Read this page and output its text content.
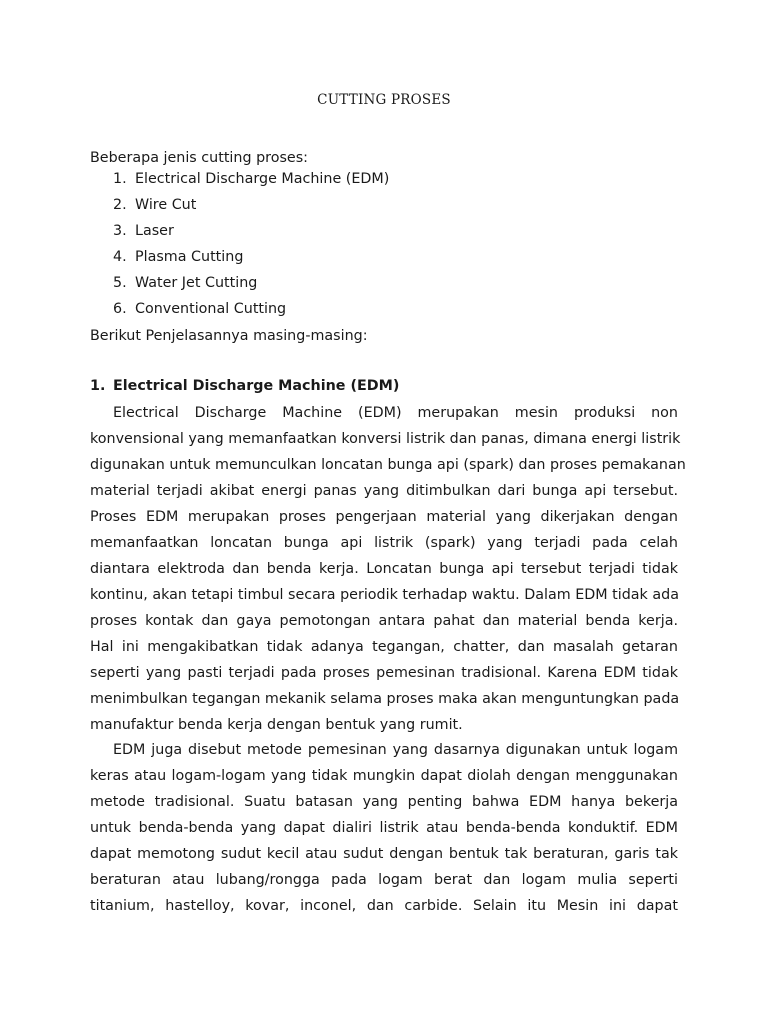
CUTTING PROSES
Beberapa jenis cutting proses:
1. Electrical Discharge Machine (EDM)
2. Wire Cut
3. Laser
4. Plasma Cutting
5. Water Jet Cutting
6. Conventional Cutting
Berikut Penjelasannya masing-masing:
1. Electrical Discharge Machine (EDM)
Electrical Discharge Machine (EDM) merupakan mesin produksi non
konvensional yang memanfaatkan konversi listrik dan panas, dimana energi listrik
digunakan untuk memunculkan loncatan bunga api (spark) dan proses pemakanan
material terjadi akibat energi panas yang ditimbulkan dari bunga api tersebut.
Proses EDM merupakan proses pengerjaan material yang dikerjakan dengan
memanfaatkan loncatan bunga api listrik (spark) yang terjadi pada celah
diantara elektroda dan benda kerja. Loncatan bunga api tersebut terjadi tidak
kontinu, akan tetapi timbul secara periodik terhadap waktu. Dalam EDM tidak ada
proses kontak dan gaya pemotongan antara pahat dan material benda kerja.
Hal ini mengakibatkan tidak adanya tegangan, chatter, dan masalah getaran
seperti yang pasti terjadi pada proses pemesinan tradisional. Karena EDM tidak
menimbulkan tegangan mekanik selama proses maka akan menguntungkan pada
manufaktur benda kerja dengan bentuk yang rumit.
EDM juga disebut metode pemesinan yang dasarnya digunakan untuk logam
keras atau logam-logam yang tidak mungkin dapat diolah dengan menggunakan
metode tradisional. Suatu batasan yang penting bahwa EDM hanya bekerja
untuk benda-benda yang dapat dialiri listrik atau benda-benda konduktif. EDM
dapat memotong sudut kecil atau sudut dengan bentuk tak beraturan, garis tak
beraturan atau lubang/rongga pada logam berat dan logam mulia seperti
titanium, hastelloy, kovar, inconel, dan carbide. Selain itu Mesin ini dapat
